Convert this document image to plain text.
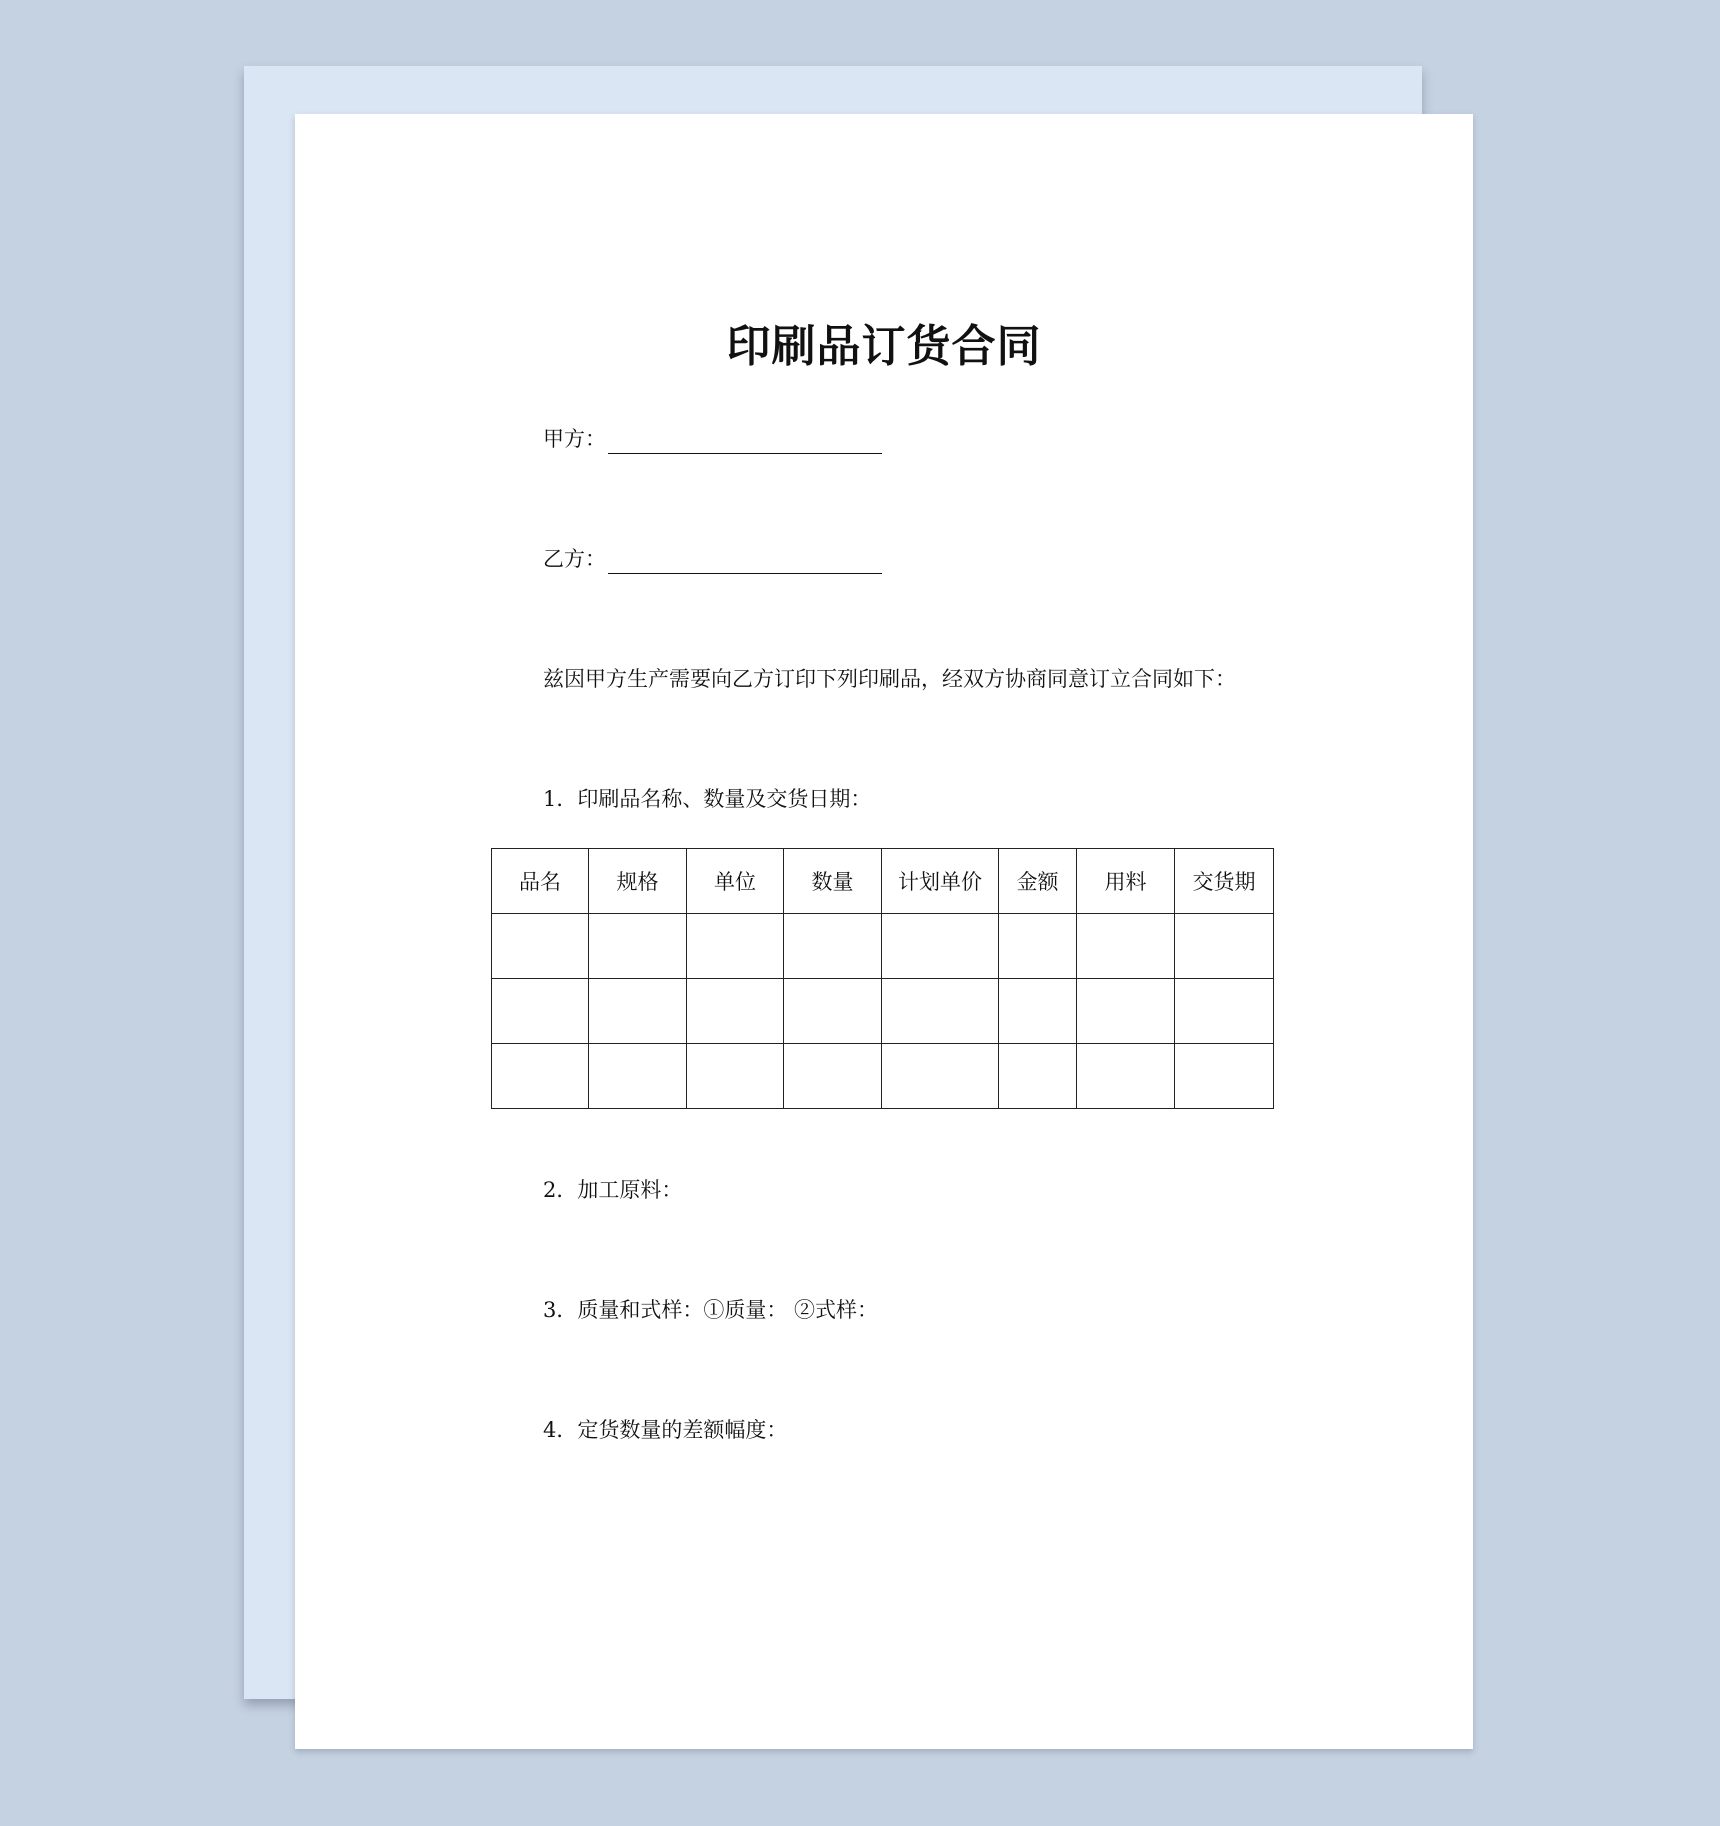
印刷品订货合同
甲方：
乙方：
兹因甲方生产需要向乙方订印下列印刷品，经双方协商同意订立合同如下：
1．印刷品名称、数量及交货日期：
品名	规格	单位	数量	计划单价	金额	用料	交货期

2．加工原料：
3．质量和式样：①质量： ②式样：
4．定货数量的差额幅度：
